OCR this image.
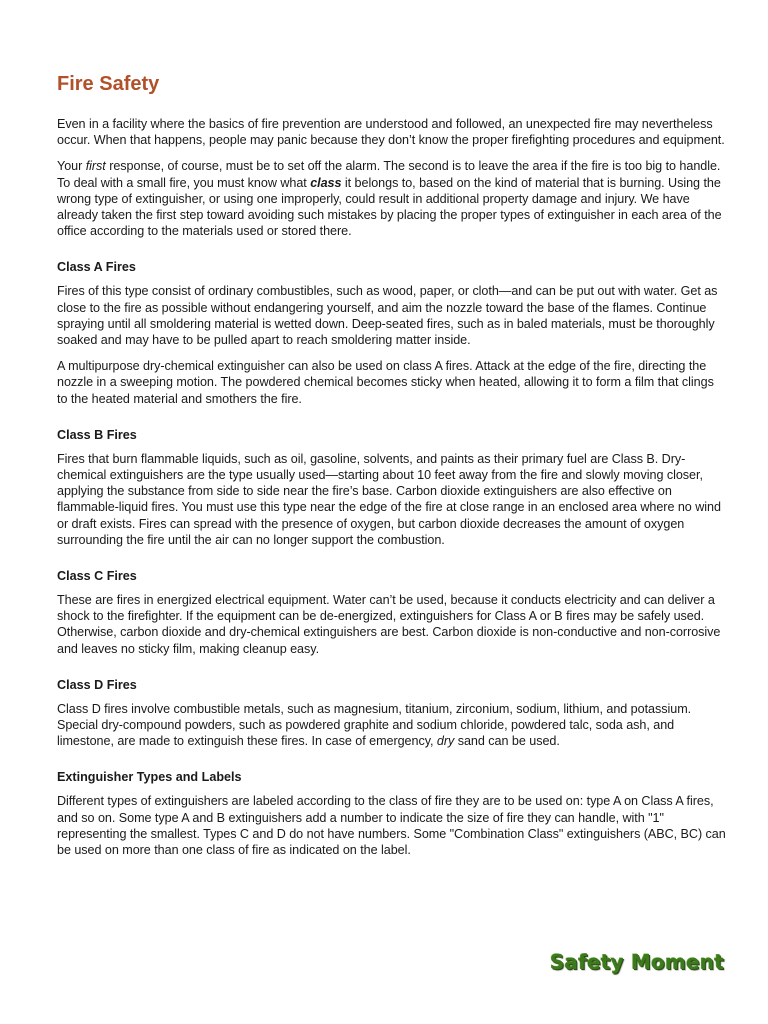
Fire Safety

Even in a facility where the basics of fire prevention are understood and followed, an unexpected fire may nevertheless occur. When that happens, people may panic because they don’t know the proper firefighting procedures and equipment.

Your first response, of course, must be to set off the alarm. The second is to leave the area if the fire is too big to handle. To deal with a small fire, you must know what class it belongs to, based on the kind of material that is burning. Using the wrong type of extinguisher, or using one improperly, could result in additional property damage and injury. We have already taken the first step toward avoiding such mistakes by placing the proper types of extinguisher in each area of the office according to the materials used or stored there.

Class A Fires

Fires of this type consist of ordinary combustibles, such as wood, paper, or cloth—and can be put out with water. Get as close to the fire as possible without endangering yourself, and aim the nozzle toward the base of the flames. Continue spraying until all smoldering material is wetted down. Deep-seated fires, such as in baled materials, must be thoroughly soaked and may have to be pulled apart to reach smoldering matter inside.

A multipurpose dry-chemical extinguisher can also be used on class A fires. Attack at the edge of the fire, directing the nozzle in a sweeping motion. The powdered chemical becomes sticky when heated, allowing it to form a film that clings to the heated material and smothers the fire.

Class B Fires

Fires that burn flammable liquids, such as oil, gasoline, solvents, and paints as their primary fuel are Class B. Dry-chemical extinguishers are the type usually used—starting about 10 feet away from the fire and slowly moving closer, applying the substance from side to side near the fire’s base. Carbon dioxide extinguishers are also effective on flammable-liquid fires. You must use this type near the edge of the fire at close range in an enclosed area where no wind or draft exists. Fires can spread with the presence of oxygen, but carbon dioxide decreases the amount of oxygen surrounding the fire until the air can no longer support the combustion.

Class C Fires

These are fires in energized electrical equipment. Water can’t be used, because it conducts electricity and can deliver a shock to the firefighter. If the equipment can be de-energized, extinguishers for Class A or B fires may be safely used. Otherwise, carbon dioxide and dry-chemical extinguishers are best. Carbon dioxide is non-conductive and non-corrosive and leaves no sticky film, making cleanup easy.

Class D Fires

Class D fires involve combustible metals, such as magnesium, titanium, zirconium, sodium, lithium, and potassium. Special dry-compound powders, such as powdered graphite and sodium chloride, powdered talc, soda ash, and limestone, are made to extinguish these fires. In case of emergency, dry sand can be used.

Extinguisher Types and Labels

Different types of extinguishers are labeled according to the class of fire they are to be used on: type A on Class A fires, and so on. Some type A and B extinguishers add a number to indicate the size of fire they can handle, with "1" representing the smallest. Types C and D do not have numbers. Some "Combination Class" extinguishers (ABC, BC) can be used on more than one class of fire as indicated on the label.

Safety Moment
